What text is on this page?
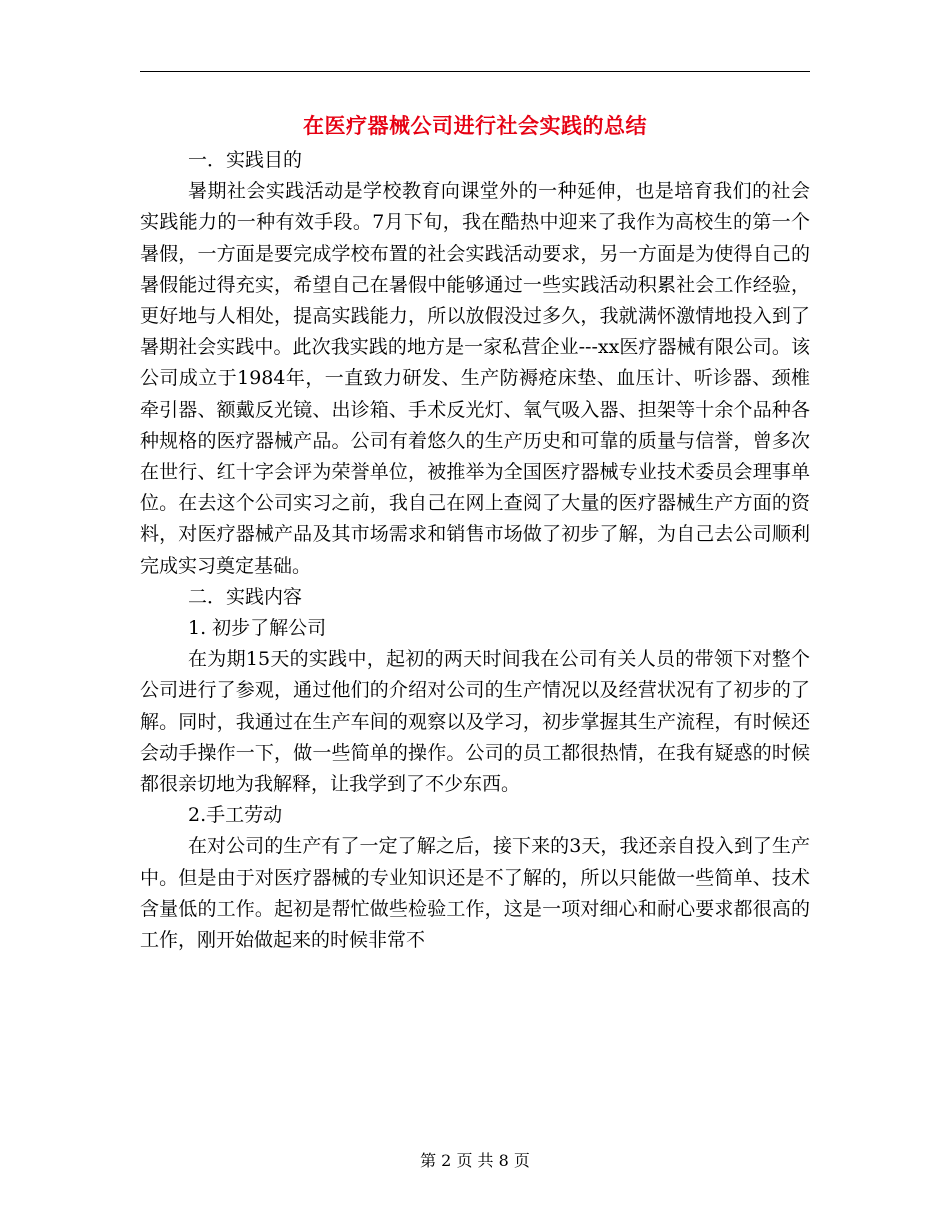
在医疗器械公司进行社会实践的总结

一．实践目的

暑期社会实践活动是学校教育向课堂外的一种延伸，也是培育我们的社会实践能力的一种有效手段。7月下旬，我在酷热中迎来了我作为高校生的第一个暑假，一方面是要完成学校布置的社会实践活动要求，另一方面是为使得自己的暑假能过得充实，希望自己在暑假中能够通过一些实践活动积累社会工作经验，更好地与人相处，提高实践能力，所以放假没过多久，我就满怀激情地投入到了暑期社会实践中。此次我实践的地方是一家私营企业---xx医疗器械有限公司。该公司成立于1984年，一直致力研发、生产防褥疮床垫、血压计、听诊器、颈椎牵引器、额戴反光镜、出诊箱、手术反光灯、氧气吸入器、担架等十余个品种各种规格的医疗器械产品。公司有着悠久的生产历史和可靠的质量与信誉，曾多次在世行、红十字会评为荣誉单位，被推举为全国医疗器械专业技术委员会理事单位。在去这个公司实习之前，我自己在网上查阅了大量的医疗器械生产方面的资料，对医疗器械产品及其市场需求和销售市场做了初步了解，为自己去公司顺利完成实习奠定基础。

二．实践内容

1. 初步了解公司

在为期15天的实践中，起初的两天时间我在公司有关人员的带领下对整个公司进行了参观，通过他们的介绍对公司的生产情况以及经营状况有了初步的了解。同时，我通过在生产车间的观察以及学习，初步掌握其生产流程，有时候还会动手操作一下，做一些简单的操作。公司的员工都很热情，在我有疑惑的时候都很亲切地为我解释，让我学到了不少东西。

2.手工劳动

在对公司的生产有了一定了解之后，接下来的3天，我还亲自投入到了生产中。但是由于对医疗器械的专业知识还是不了解的，所以只能做一些简单、技术含量低的工作。起初是帮忙做些检验工作，这是一项对细心和耐心要求都很高的工作，刚开始做起来的时候非常不

第 2 页 共 8 页
